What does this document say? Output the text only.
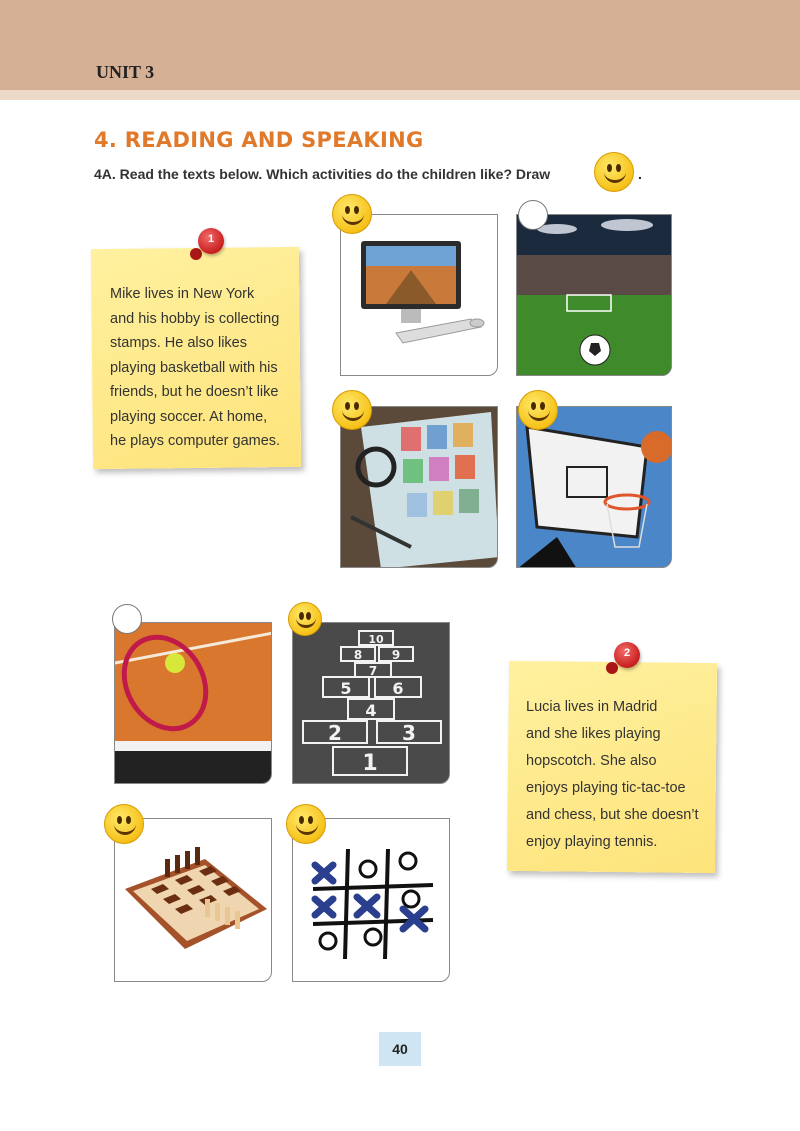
UNIT 3
4. READING AND SPEAKING
4A. Read the texts below. Which activities do the children like? Draw	.
1
Mike lives in New York
and his hobby is collecting
stamps. He also likes
playing basketball with his
friends, but he doesn’t like
playing soccer. At home,
he plays computer games.
10
8 9
7
5	6
4
2	3
1
2
Lucia lives in Madrid
and she likes playing
hopscotch. She also
enjoys playing tic-tac-toe
and chess, but she doesn’t
enjoy playing tennis.
40
